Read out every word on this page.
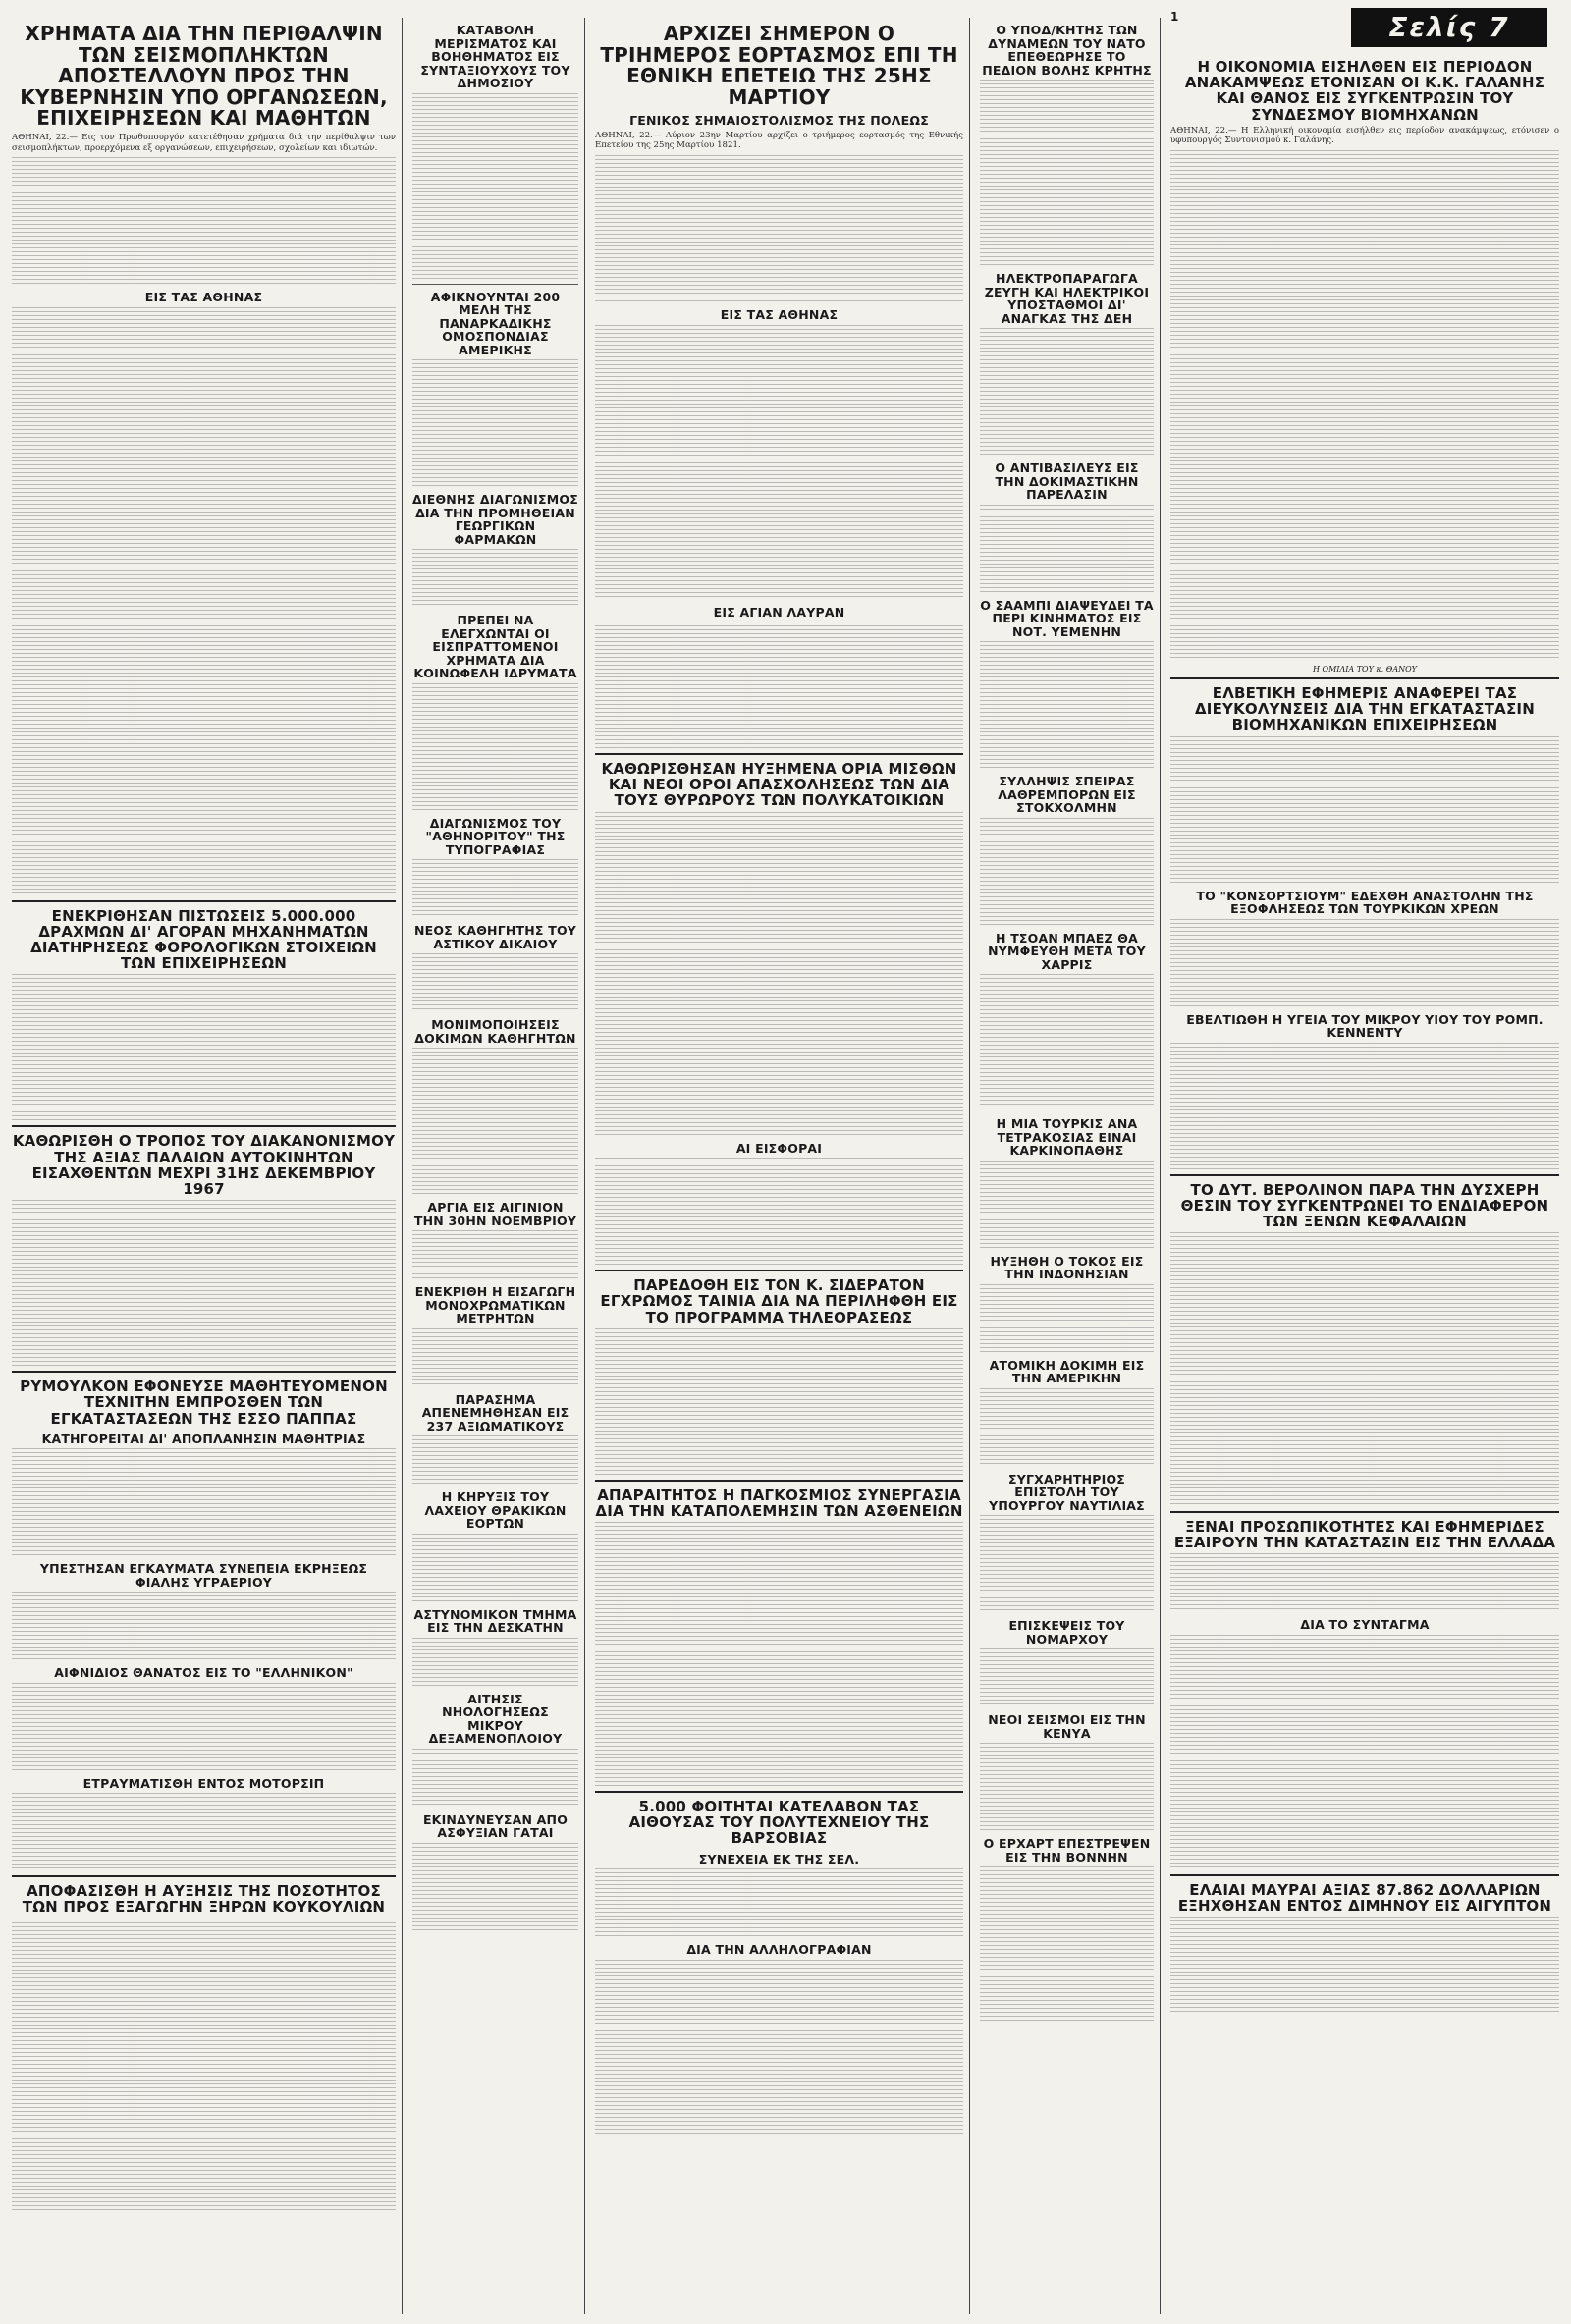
ΧΡΗΜΑΤΑ ΔΙΑ ΤΗΝ ΠΕΡΙΘΑΛΨΙΝ ΤΩΝ ΣΕΙΣΜΟΠΛΗΚΤΩΝ ΑΠΟΣΤΕΛΛΟΥΝ ΠΡΟΣ ΤΗΝ ΚΥΒΕΡΝΗΣΙΝ ΥΠΟ ΟΡΓΑΝΩΣΕΩΝ, ΕΠΙΧΕΙΡΗΣΕΩΝ ΚΑΙ ΜΑΘΗΤΩΝ
ΑΘΗΝΑΙ, 22.— Εις τον Πρωθυπουργόν κατετέθησαν χρήματα διά την περίθαλψιν των σεισμοπλήκτων, προερχόμενα εξ οργανώσεων, επιχειρήσεων, σχολείων και ιδιωτών.
ΕΙΣ ΤΑΣ ΑΘΗΝΑΣ
ΕΝΕΚΡΙΘΗΣΑΝ ΠΙΣΤΩΣΕΙΣ 5.000.000 ΔΡΑΧΜΩΝ ΔΙ' ΑΓΟΡΑΝ ΜΗΧΑΝΗΜΑΤΩΝ ΔΙΑΤΗΡΗΣΕΩΣ ΦΟΡΟΛΟΓΙΚΩΝ ΣΤΟΙΧΕΙΩΝ ΤΩΝ ΕΠΙΧΕΙΡΗΣΕΩΝ
ΚΑΘΩΡΙΣΘΗ Ο ΤΡΟΠΟΣ ΤΟΥ ΔΙΑΚΑΝΟΝΙΣΜΟΥ ΤΗΣ ΑΞΙΑΣ ΠΑΛΑΙΩΝ ΑΥΤΟΚΙΝΗΤΩΝ ΕΙΣΑΧΘΕΝΤΩΝ ΜΕΧΡΙ 31ΗΣ ΔΕΚΕΜΒΡΙΟΥ 1967
ΡΥΜΟΥΛΚΟΝ ΕΦΟΝΕΥΣΕ ΜΑΘΗΤΕΥΟΜΕΝΟΝ ΤΕΧΝΙΤΗΝ ΕΜΠΡΟΣΘΕΝ ΤΩΝ ΕΓΚΑΤΑΣΤΑΣΕΩΝ ΤΗΣ ΕΣΣΟ ΠΑΠΠΑΣ
ΚΑΤΗΓΟΡΕΙΤΑΙ ΔΙ' ΑΠΟΠΛΑΝΗΣΙΝ ΜΑΘΗΤΡΙΑΣ
ΥΠΕΣΤΗΣΑΝ ΕΓΚΑΥΜΑΤΑ ΣΥΝΕΠΕΙΑ ΕΚΡΗΞΕΩΣ ΦΙΑΛΗΣ ΥΓΡΑΕΡΙΟΥ
ΑΙΦΝΙΔΙΟΣ ΘΑΝΑΤΟΣ ΕΙΣ ΤΟ "ΕΛΛΗΝΙΚΟΝ"
ΕΤΡΑΥΜΑΤΙΣΘΗ ΕΝΤΟΣ ΜΟΤΟΡΣΙΠ
ΑΠΟΦΑΣΙΣΘΗ Η ΑΥΞΗΣΙΣ ΤΗΣ ΠΟΣΟΤΗΤΟΣ ΤΩΝ ΠΡΟΣ ΕΞΑΓΩΓΗΝ ΞΗΡΩΝ ΚΟΥΚΟΥΛΙΩΝ
ΚΑΤΑΒΟΛΗ ΜΕΡΙΣΜΑΤΟΣ ΚΑΙ ΒΟΗΘΗΜΑΤΟΣ ΕΙΣ ΣΥΝΤΑΞΙΟΥΧΟΥΣ ΤΟΥ ΔΗΜΟΣΙΟΥ
ΑΦΙΚΝΟΥΝΤΑΙ 200 ΜΕΛΗ ΤΗΣ ΠΑΝΑΡΚΑΔΙΚΗΣ ΟΜΟΣΠΟΝΔΙΑΣ ΑΜΕΡΙΚΗΣ
ΔΙΕΘΝΗΣ ΔΙΑΓΩΝΙΣΜΟΣ ΔΙΑ ΤΗΝ ΠΡΟΜΗΘΕΙΑΝ ΓΕΩΡΓΙΚΩΝ ΦΑΡΜΑΚΩΝ
ΠΡΕΠΕΙ ΝΑ ΕΛΕΓΧΩΝΤΑΙ ΟΙ ΕΙΣΠΡΑΤΤΟΜΕΝΟΙ ΧΡΗΜΑΤΑ ΔΙΑ ΚΟΙΝΩΦΕΛΗ ΙΔΡΥΜΑΤΑ
ΔΙΑΓΩΝΙΣΜΟΣ ΤΟΥ "ΑΘΗΝΟΡΙΤΟΥ" ΤΗΣ ΤΥΠΟΓΡΑΦΙΑΣ
ΝΕΟΣ ΚΑΘΗΓΗΤΗΣ ΤΟΥ ΑΣΤΙΚΟΥ ΔΙΚΑΙΟΥ
ΜΟΝΙΜΟΠΟΙΗΣΕΙΣ ΔΟΚΙΜΩΝ ΚΑΘΗΓΗΤΩΝ
ΑΡΓΙΑ ΕΙΣ ΑΙΓΙΝΙΟΝ ΤΗΝ 30ΗΝ ΝΟΕΜΒΡΙΟΥ
ΕΝΕΚΡΙΘΗ Η ΕΙΣΑΓΩΓΗ ΜΟΝΟΧΡΩΜΑΤΙΚΩΝ ΜΕΤΡΗΤΩΝ
ΠΑΡΑΣΗΜΑ ΑΠΕΝΕΜΗΘΗΣΑΝ ΕΙΣ 237 ΑΞΙΩΜΑΤΙΚΟΥΣ
Η ΚΗΡΥΞΙΣ ΤΟΥ ΛΑΧΕΙΟΥ ΘΡΑΚΙΚΩΝ ΕΟΡΤΩΝ
ΑΣΤΥΝΟΜΙΚΟΝ ΤΜΗΜΑ ΕΙΣ ΤΗΝ ΔΕΣΚΑΤΗΝ
ΑΙΤΗΣΙΣ ΝΗΟΛΟΓΗΣΕΩΣ ΜΙΚΡΟΥ ΔΕΞΑΜΕΝΟΠΛΟΙΟΥ
ΕΚΙΝΔΥΝΕΥΣΑΝ ΑΠΟ ΑΣΦΥΞΙΑΝ ΓΑΤΑΙ
ΑΡΧΙΖΕΙ ΣΗΜΕΡΟΝ Ο ΤΡΙΗΜΕΡΟΣ ΕΟΡΤΑΣΜΟΣ ΕΠΙ ΤΗ ΕΘΝΙΚΗ ΕΠΕΤΕΙΩ ΤΗΣ 25ΗΣ ΜΑΡΤΙΟΥ
ΓΕΝΙΚΟΣ ΣΗΜΑΙΟΣΤΟΛΙΣΜΟΣ ΤΗΣ ΠΟΛΕΩΣ
ΑΘΗΝΑΙ, 22.— Αύριον 23ην Μαρτίου αρχίζει ο τριήμερος εορτασμός της Εθνικής Επετείου της 25ης Μαρτίου 1821.
ΕΙΣ ΤΑΣ ΑΘΗΝΑΣ
ΕΙΣ ΑΓΙΑΝ ΛΑΥΡΑΝ
ΚΑΘΩΡΙΣΘΗΣΑΝ ΗΥΞΗΜΕΝΑ ΟΡΙΑ ΜΙΣΘΩΝ ΚΑΙ ΝΕΟΙ ΟΡΟΙ ΑΠΑΣΧΟΛΗΣΕΩΣ ΤΩΝ ΔΙΑ ΤΟΥΣ ΘΥΡΩΡΟΥΣ ΤΩΝ ΠΟΛΥΚΑΤΟΙΚΙΩΝ
ΑΙ ΕΙΣΦΟΡΑΙ
ΠΑΡΕΔΟΘΗ ΕΙΣ ΤΟΝ Κ. ΣΙΔΕΡΑΤΟΝ ΕΓΧΡΩΜΟΣ ΤΑΙΝΙΑ ΔΙΑ ΝΑ ΠΕΡΙΛΗΦΘΗ ΕΙΣ ΤΟ ΠΡΟΓΡΑΜΜΑ ΤΗΛΕΟΡΑΣΕΩΣ
ΑΠΑΡΑΙΤΗΤΟΣ Η ΠΑΓΚΟΣΜΙΟΣ ΣΥΝΕΡΓΑΣΙΑ ΔΙΑ ΤΗΝ ΚΑΤΑΠΟΛΕΜΗΣΙΝ ΤΩΝ ΑΣΘΕΝΕΙΩΝ
5.000 ΦΟΙΤΗΤΑΙ ΚΑΤΕΛΑΒΟΝ ΤΑΣ ΑΙΘΟΥΣΑΣ ΤΟΥ ΠΟΛΥΤΕΧΝΕΙΟΥ ΤΗΣ ΒΑΡΣΟΒΙΑΣ
ΣΥΝΕΧΕΙΑ ΕΚ ΤΗΣ ΣΕΛ.
ΔΙΑ ΤΗΝ ΑΛΛΗΛΟΓΡΑΦΙΑΝ
Ο ΥΠΟΔ/ΚΗΤΗΣ ΤΩΝ ΔΥΝΑΜΕΩΝ ΤΟΥ ΝΑΤΟ ΕΠΕΘΕΩΡΗΣΕ ΤΟ ΠΕΔΙΟΝ ΒΟΛΗΣ ΚΡΗΤΗΣ
ΗΛΕΚΤΡΟΠΑΡΑΓΩΓΑ ΖΕΥΓΗ ΚΑΙ ΗΛΕΚΤΡΙΚΟΙ ΥΠΟΣΤΑΘΜΟΙ ΔΙ' ΑΝΑΓΚΑΣ ΤΗΣ ΔΕΗ
Ο ΑΝΤΙΒΑΣΙΛΕΥΣ ΕΙΣ ΤΗΝ ΔΟΚΙΜΑΣΤΙΚΗΝ ΠΑΡΕΛΑΣΙΝ
Ο ΣΑΑΜΠΙ ΔΙΑΨΕΥΔΕΙ ΤΑ ΠΕΡΙ ΚΙΝΗΜΑΤΟΣ ΕΙΣ ΝΟΤ. ΥΕΜΕΝΗΝ
ΣΥΛΛΗΨΙΣ ΣΠΕΙΡΑΣ ΛΑΘΡΕΜΠΟΡΩΝ ΕΙΣ ΣΤΟΚΧΟΛΜΗΝ
Η ΤΣΟΑΝ ΜΠΑΕΖ ΘΑ ΝΥΜΦΕΥΘΗ ΜΕΤΑ ΤΟΥ ΧΑΡΡΙΣ
Η ΜΙΑ ΤΟΥΡΚΙΣ ΑΝΑ ΤΕΤΡΑΚΟΣΙΑΣ ΕΙΝΑΙ ΚΑΡΚΙΝΟΠΑΘΗΣ
ΗΥΞΗΘΗ Ο ΤΟΚΟΣ ΕΙΣ ΤΗΝ ΙΝΔΟΝΗΣΙΑΝ
ΑΤΟΜΙΚΗ ΔΟΚΙΜΗ ΕΙΣ ΤΗΝ ΑΜΕΡΙΚΗΝ
ΣΥΓΧΑΡΗΤΗΡΙΟΣ ΕΠΙΣΤΟΛΗ ΤΟΥ ΥΠΟΥΡΓΟΥ ΝΑΥΤΙΛΙΑΣ
ΕΠΙΣΚΕΨΕΙΣ ΤΟΥ ΝΟΜΑΡΧΟΥ
ΝΕΟΙ ΣΕΙΣΜΟΙ ΕΙΣ ΤΗΝ ΚΕΝΥΑ
Ο ΕΡΧΑΡΤ ΕΠΕΣΤΡΕΨΕΝ ΕΙΣ ΤΗΝ ΒΟΝΝΗΝ
Η ΟΙΚΟΝΟΜΙΑ ΕΙΣΗΛΘΕΝ ΕΙΣ ΠΕΡΙΟΔΟΝ ΑΝΑΚΑΜΨΕΩΣ ΕΤΟΝΙΣΑΝ ΟΙ Κ.Κ. ΓΑΛΑΝΗΣ ΚΑΙ ΘΑΝΟΣ ΕΙΣ ΣΥΓΚΕΝΤΡΩΣΙΝ ΤΟΥ ΣΥΝΔΕΣΜΟΥ ΒΙΟΜΗΧΑΝΩΝ
ΑΘΗΝΑΙ, 22.— Η Ελληνική οικονομία εισήλθεν εις περίοδον ανακάμψεως, ετόνισεν ο υφυπουργός Συντονισμού κ. Γαλάνης.
Η ΟΜΙΛΙΑ ΤΟΥ κ. ΘΑΝΟΥ
ΕΛΒΕΤΙΚΗ ΕΦΗΜΕΡΙΣ ΑΝΑΦΕΡΕΙ ΤΑΣ ΔΙΕΥΚΟΛΥΝΣΕΙΣ ΔΙΑ ΤΗΝ ΕΓΚΑΤΑΣΤΑΣΙΝ ΒΙΟΜΗΧΑΝΙΚΩΝ ΕΠΙΧΕΙΡΗΣΕΩΝ
ΤΟ "ΚΟΝΣΟΡΤΣΙΟΥΜ" ΕΔΕΧΘΗ ΑΝΑΣΤΟΛΗΝ ΤΗΣ ΕΞΟΦΛΗΣΕΩΣ ΤΩΝ ΤΟΥΡΚΙΚΩΝ ΧΡΕΩΝ
ΕΒΕΛΤΙΩΘΗ Η ΥΓΕΙΑ ΤΟΥ ΜΙΚΡΟΥ ΥΙΟΥ ΤΟΥ ΡΟΜΠ. ΚΕΝΝΕΝΤΥ
ΤΟ ΔΥΤ. ΒΕΡΟΛΙΝΟΝ ΠΑΡΑ ΤΗΝ ΔΥΣΧΕΡΗ ΘΕΣΙΝ ΤΟΥ ΣΥΓΚΕΝΤΡΩΝΕΙ ΤΟ ΕΝΔΙΑΦΕΡΟΝ ΤΩΝ ΞΕΝΩΝ ΚΕΦΑΛΑΙΩΝ
ΞΕΝΑΙ ΠΡΟΣΩΠΙΚΟΤΗΤΕΣ ΚΑΙ ΕΦΗΜΕΡΙΔΕΣ ΕΞΑΙΡΟΥΝ ΤΗΝ ΚΑΤΑΣΤΑΣΙΝ ΕΙΣ ΤΗΝ ΕΛΛΑΔΑ
ΔΙΑ ΤΟ ΣΥΝΤΑΓΜΑ
ΕΛΑΙΑΙ ΜΑΥΡΑΙ ΑΞΙΑΣ 87.862 ΔΟΛΛΑΡΙΩΝ ΕΞΗΧΘΗΣΑΝ ΕΝΤΟΣ ΔΙΜΗΝΟΥ ΕΙΣ ΑΙΓΥΠΤΟΝ
Σελίς 7
1
